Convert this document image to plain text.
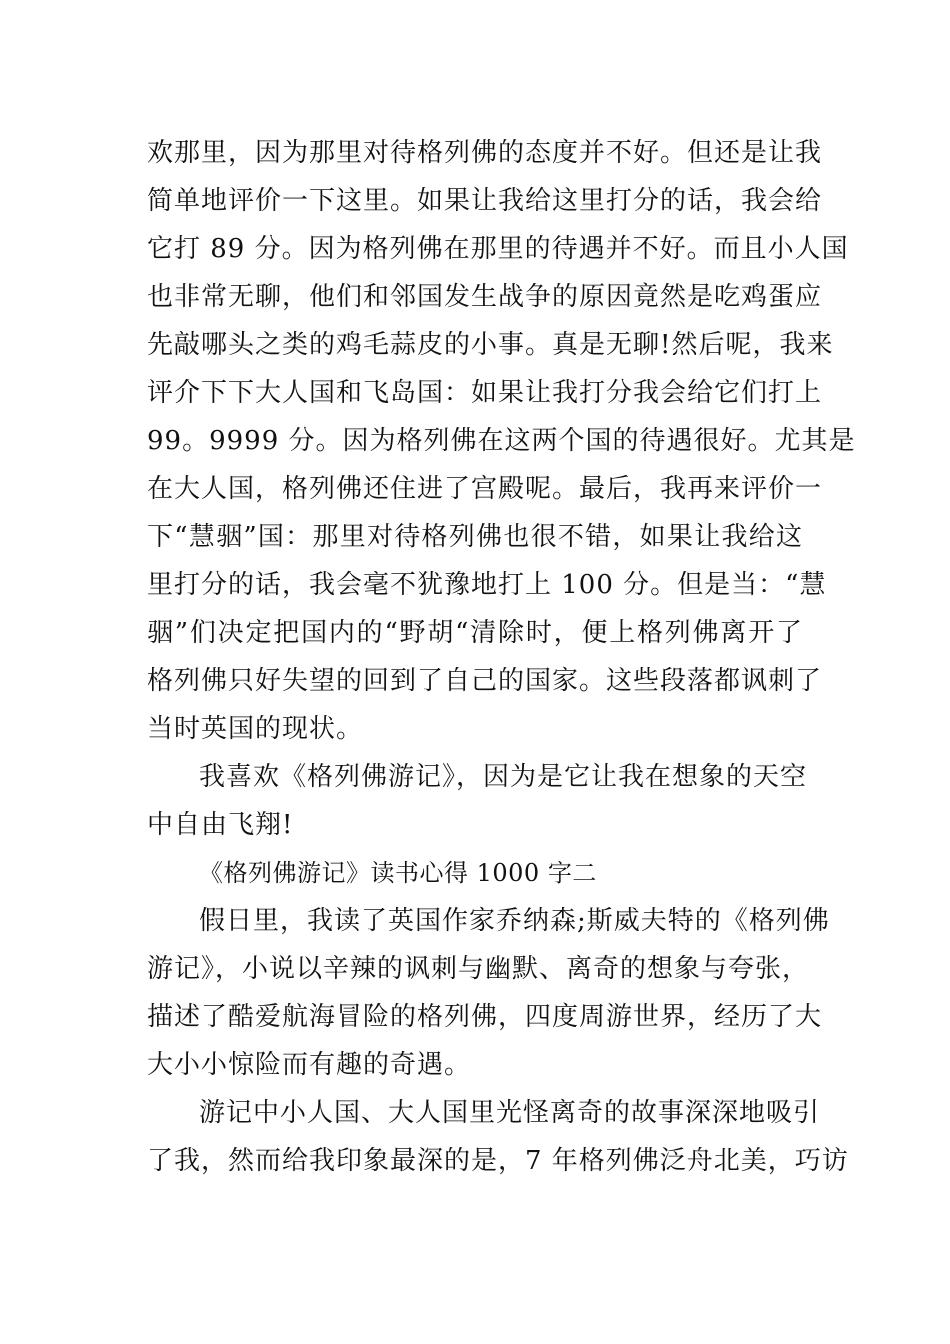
欢那里，因为那里对待格列佛的态度并不好。但还是让我
简单地评价一下这里。如果让我给这里打分的话，我会给
它打 89 分。因为格列佛在那里的待遇并不好。而且小人国
也非常无聊，他们和邻国发生战争的原因竟然是吃鸡蛋应
先敲哪头之类的鸡毛蒜皮的小事。真是无聊!然后呢，我来
评介下下大人国和飞岛国：如果让我打分我会给它们打上
99。9999 分。因为格列佛在这两个国的待遇很好。尤其是
在大人国，格列佛还住进了宫殿呢。最后，我再来评价一
下“慧骃”国：那里对待格列佛也很不错，如果让我给这
里打分的话，我会毫不犹豫地打上 100 分。但是当：“慧
骃”们决定把国内的“野胡“清除时，便上格列佛离开了
格列佛只好失望的回到了自己的国家。这些段落都讽刺了
当时英国的现状。
我喜欢《格列佛游记》，因为是它让我在想象的天空
中自由飞翔!
《格列佛游记》读书心得 1000 字二
假日里，我读了英国作家乔纳森;斯威夫特的《格列佛
游记》，小说以辛辣的讽刺与幽默、离奇的想象与夸张，
描述了酷爱航海冒险的格列佛，四度周游世界，经历了大
大小小惊险而有趣的奇遇。
游记中小人国、大人国里光怪离奇的故事深深地吸引
了我，然而给我印象最深的是，7 年格列佛泛舟北美，巧访
